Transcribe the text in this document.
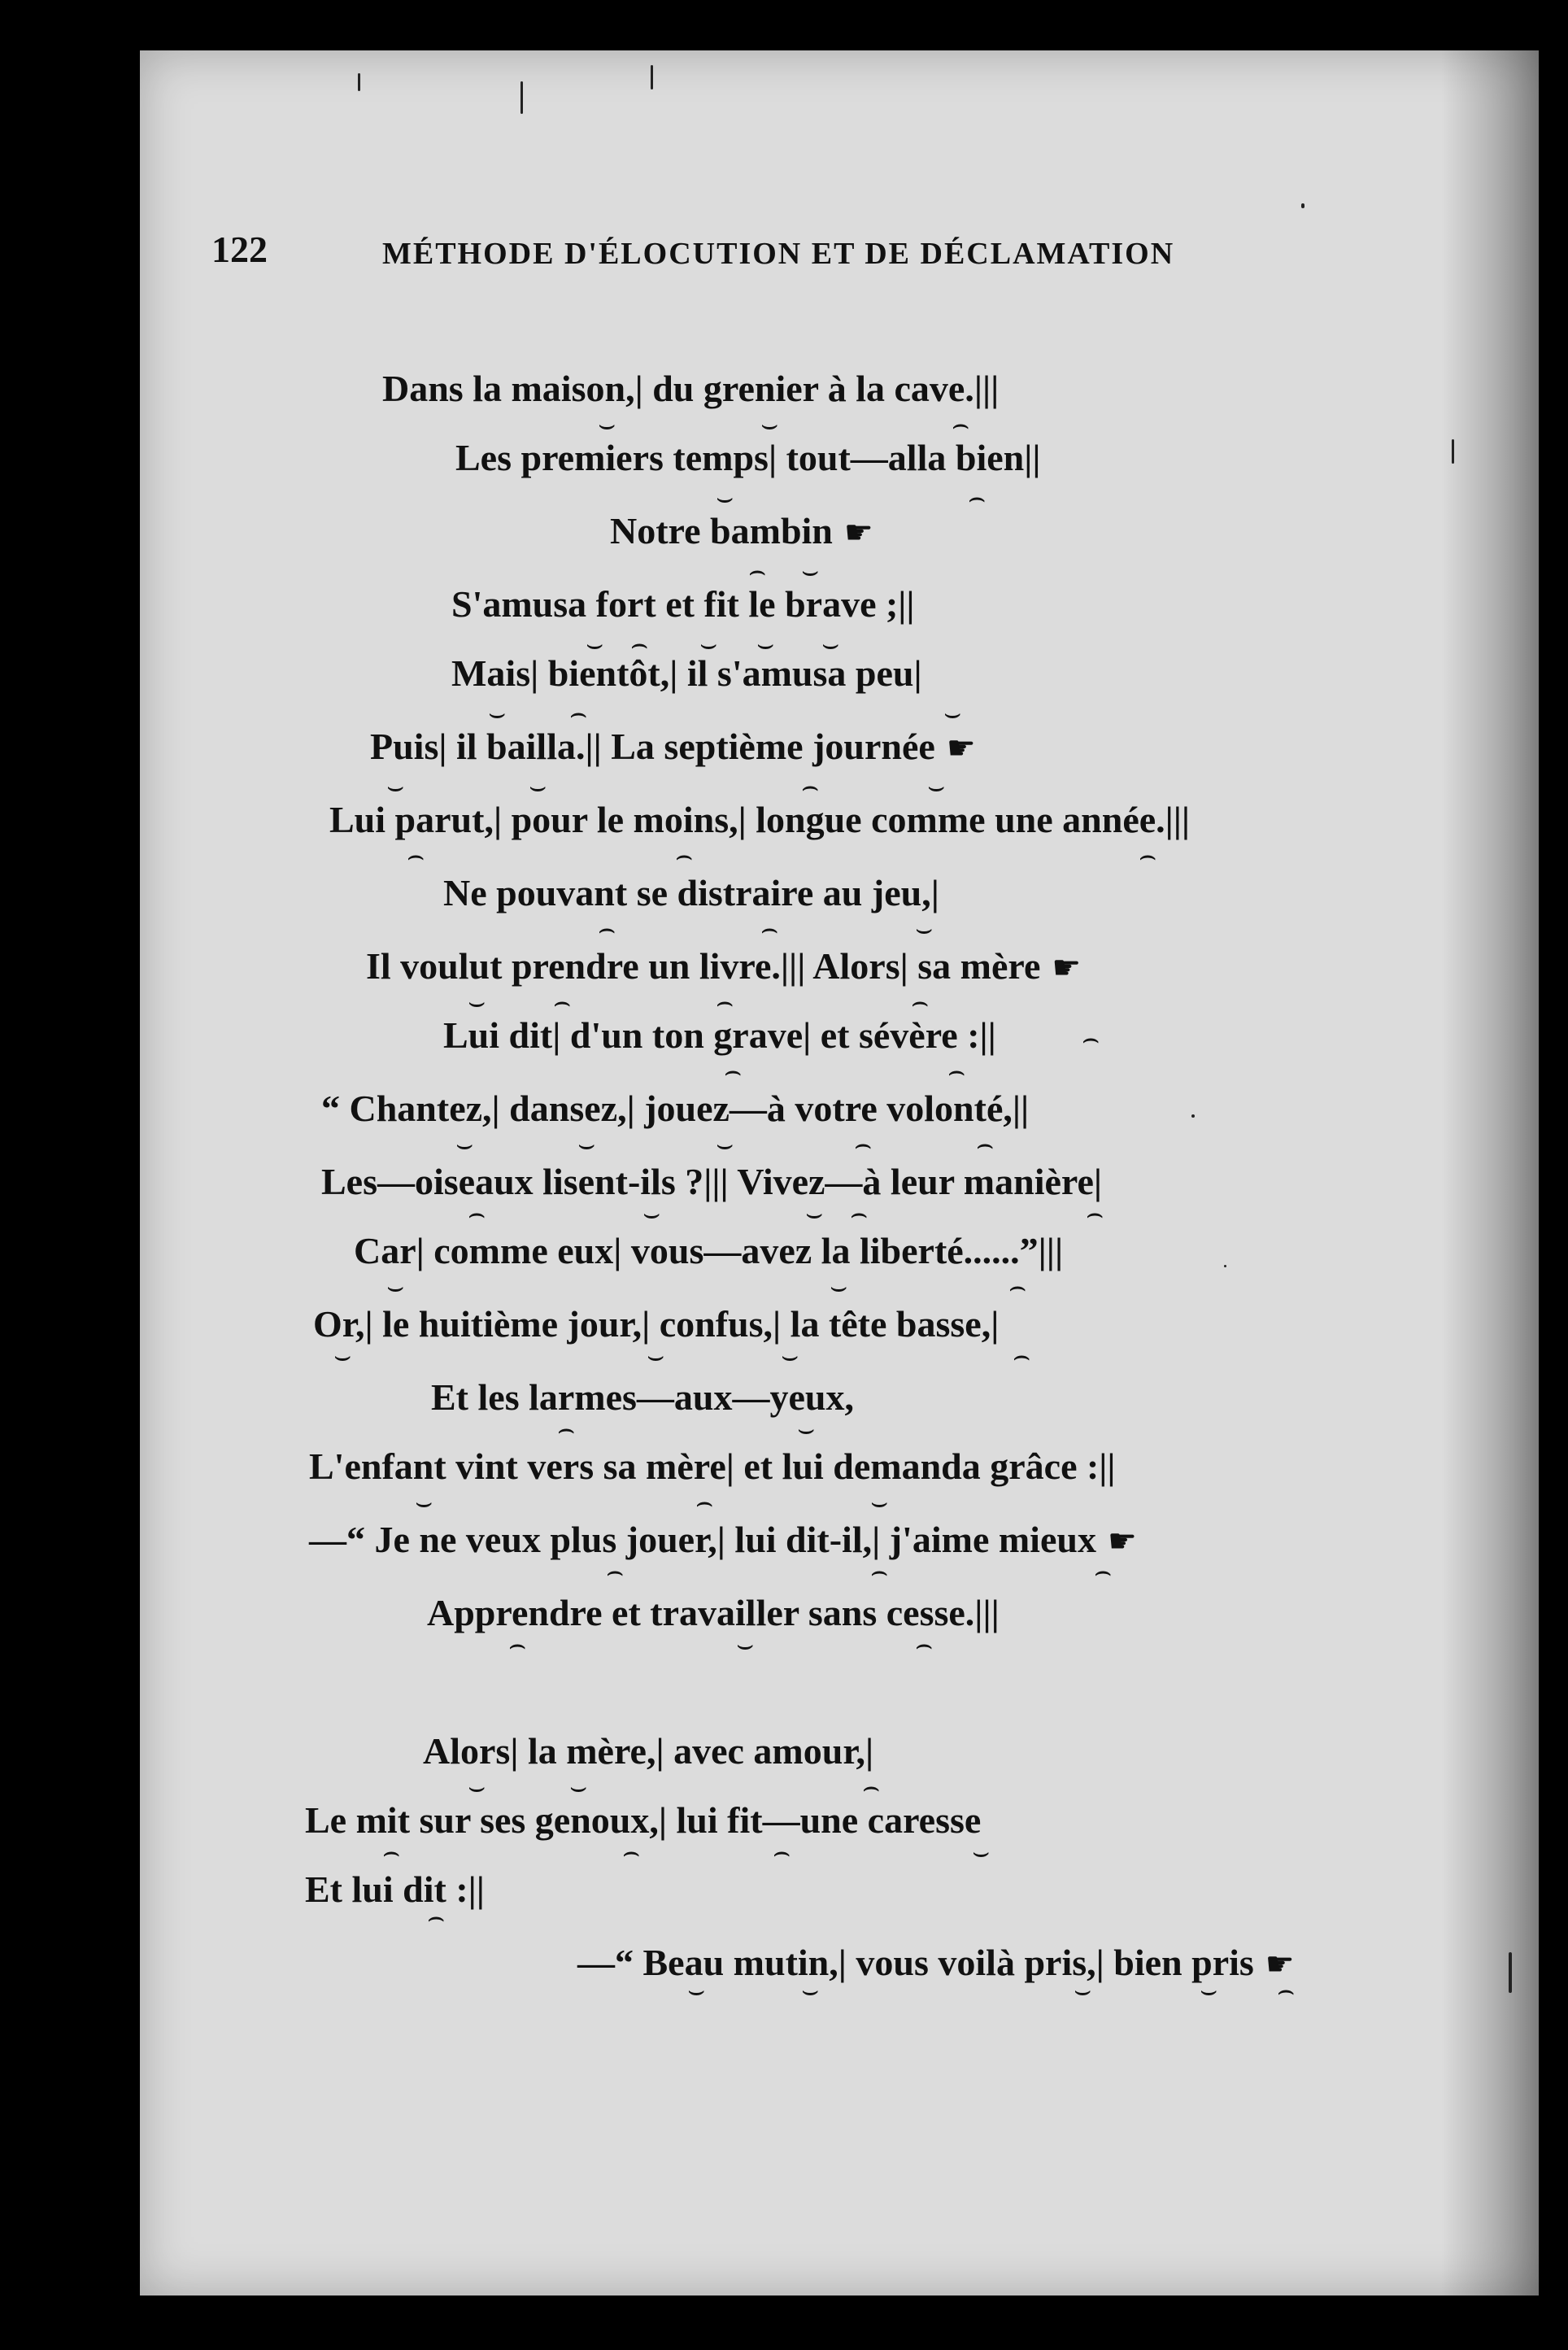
122	MÉTHODE D'ÉLOCUTION ET DE DÉCLAMATION
Dans la maison,| du grenier à la cave.|||
Les premiers temps| tout—alla bien||
Notre bambin ☛
S'amusa fort et fit le brave ;||
Mais| bientôt,| il s'amusa peu|
Puis| il bailla.|| La septième journée ☛
Lui parut,| pour le moins,| longue comme une année.|||
Ne pouvant se distraire au jeu,|
Il voulut prendre un livre.||| Alors| sa mère ☛
Lui dit| d'un ton grave| et sévère :||
“ Chantez,| dansez,| jouez—à votre volonté,||
Les—oiseaux lisent-ils ?||| Vivez—à leur manière|
Car| comme eux| vous—avez la liberté......”|||
Or,| le huitième jour,| confus,| la tête basse,|
Et les larmes—aux—yeux,
L'enfant vint vers sa mère| et lui demanda grâce :||
—“ Je ne veux plus jouer,| lui dit-il,| j'aime mieux ☛
Apprendre et travailler sans cesse.|||
Alors| la mère,| avec amour,|
Le mit sur ses genoux,| lui fit—une caresse
Et lui dit :||
—“ Beau mutin,| vous voilà pris,| bien pris ☛
⌣	⌣	⌢
⌣	⌢
⌢ ⌣
⌣ ⌢ ⌣ ⌣ ⌣
⌣ ⌢	⌣
⌣	⌣	⌢	⌣
⌢	⌢	⌢
⌢	⌢	⌣
⌣ ⌢	⌢	⌢
⌢	⌢
⌢
⌣	⌣	⌣	⌢	⌢
⌢	⌣	⌣ ⌢	⌢
⌣	⌣	⌢
⌣	⌣	⌣	⌢
⌢	⌣
⌣	⌢	⌣
⌢	⌢	⌢
⌢	⌣	⌢
⌣	⌣	⌢
⌢	⌢	⌢	⌣
⌢
⌣	⌣	⌣	⌣ ⌢
